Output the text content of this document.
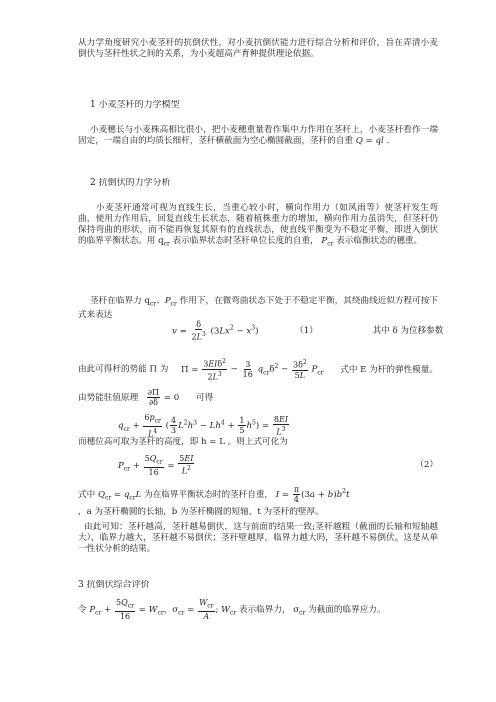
从力学角度研究小麦茎秆的抗倒伏性，对小麦抗倒伏能力进行综合分析和评价，旨在弄清小麦倒伏与茎秆性状之间的关系，为小麦超高产育种提供理论依据。
1 小麦茎秆的力学模型
小麦穗长与小麦株高相比很小，把小麦穗重量看作集中力作用在茎秆上，小麦茎秆看作一端固定，一端自由的均质长细杆，茎秆横截面为空心椭圆截面，茎秆的自重 Q = ql .
2 抗倒伏的力学分析
小麦茎秆通常可视为直线生长，当重心较小时，横向作用力（如风雨等）使茎秆发生弯曲，使用力作用后，回复直线生长状态，随着植株重力的增加，横向作用力虽消失，但茎秆仍保持弯曲的形状，而不能再恢复其原有的直线状态，使直线平衡变为不稳定平衡，即进入倒伏的临界平衡状态。用 $q_{cr}$ 表示临界状态时茎秆单位长度的自重， $P_{cr}$ 表示临衡状态的穗重。
茎秆在临界力 $q_{cr}$、$P_{cr}$ 作用下，在微弯曲状态下处于不稳定平衡，其绕曲线近似方程可按下式来表达
$v = \frac{\delta}{2L^3} (3Lx^2 - x^3)$	（1）	其中 δ 为位移参数
由此可得杆的势能 Π 为 $\Pi = \frac{3EI\delta^2}{2L^3} - \frac{3}{16} q_{cr}\delta^2 - \frac{3\delta^2}{5L} P_{cr}$ 式中 E 为杆的弹性模量。
由势能驻值原理 $\frac{\partial\Pi}{\partial\delta} = 0$ 可得
$q_{cr} + \frac{6p_{cr}}{L^4}$ ( $\frac{4}{3} L^2h^3 - Lh^4 + \frac{1}{5} h^5) = \frac{8EI}{L^3}$
而穗位高可取为茎秆的高度，即 h = L 。则上式可化为
$P_{cr} + \frac{5Q_{cr}}{16} = \frac{5EI}{L^2}$	（2）
式中 $Q_{cr} = q_{cr}L$ 为在临界平衡状态时的茎秆自重， $I = \frac{\pi}{4} (3a + b)b^2t$
，a 为茎秆椭圆的长轴，b 为茎秆椭圆的短轴，t 为茎秆的壁厚。
由此可知：茎秆越高，茎秆越易倒伏，这与前面的结果一致;茎秆越粗（截面的长轴和短轴越大），临界力越大，茎秆越不易倒伏；茎秆壁越厚，临界力越大吗，茎秆越不易倒伏。这是从单一性状分析的结果。
3 抗倒伏综合评价
令 $P_{cr} + \frac{5Q_{cr}}{16} = W_{cr}$，$\sigma_{cr} = \frac{W_{cr}}{A}$ ; $W_{cr}$ 表示临界力， $\sigma_{cr}$ 为截面的临界应力。
